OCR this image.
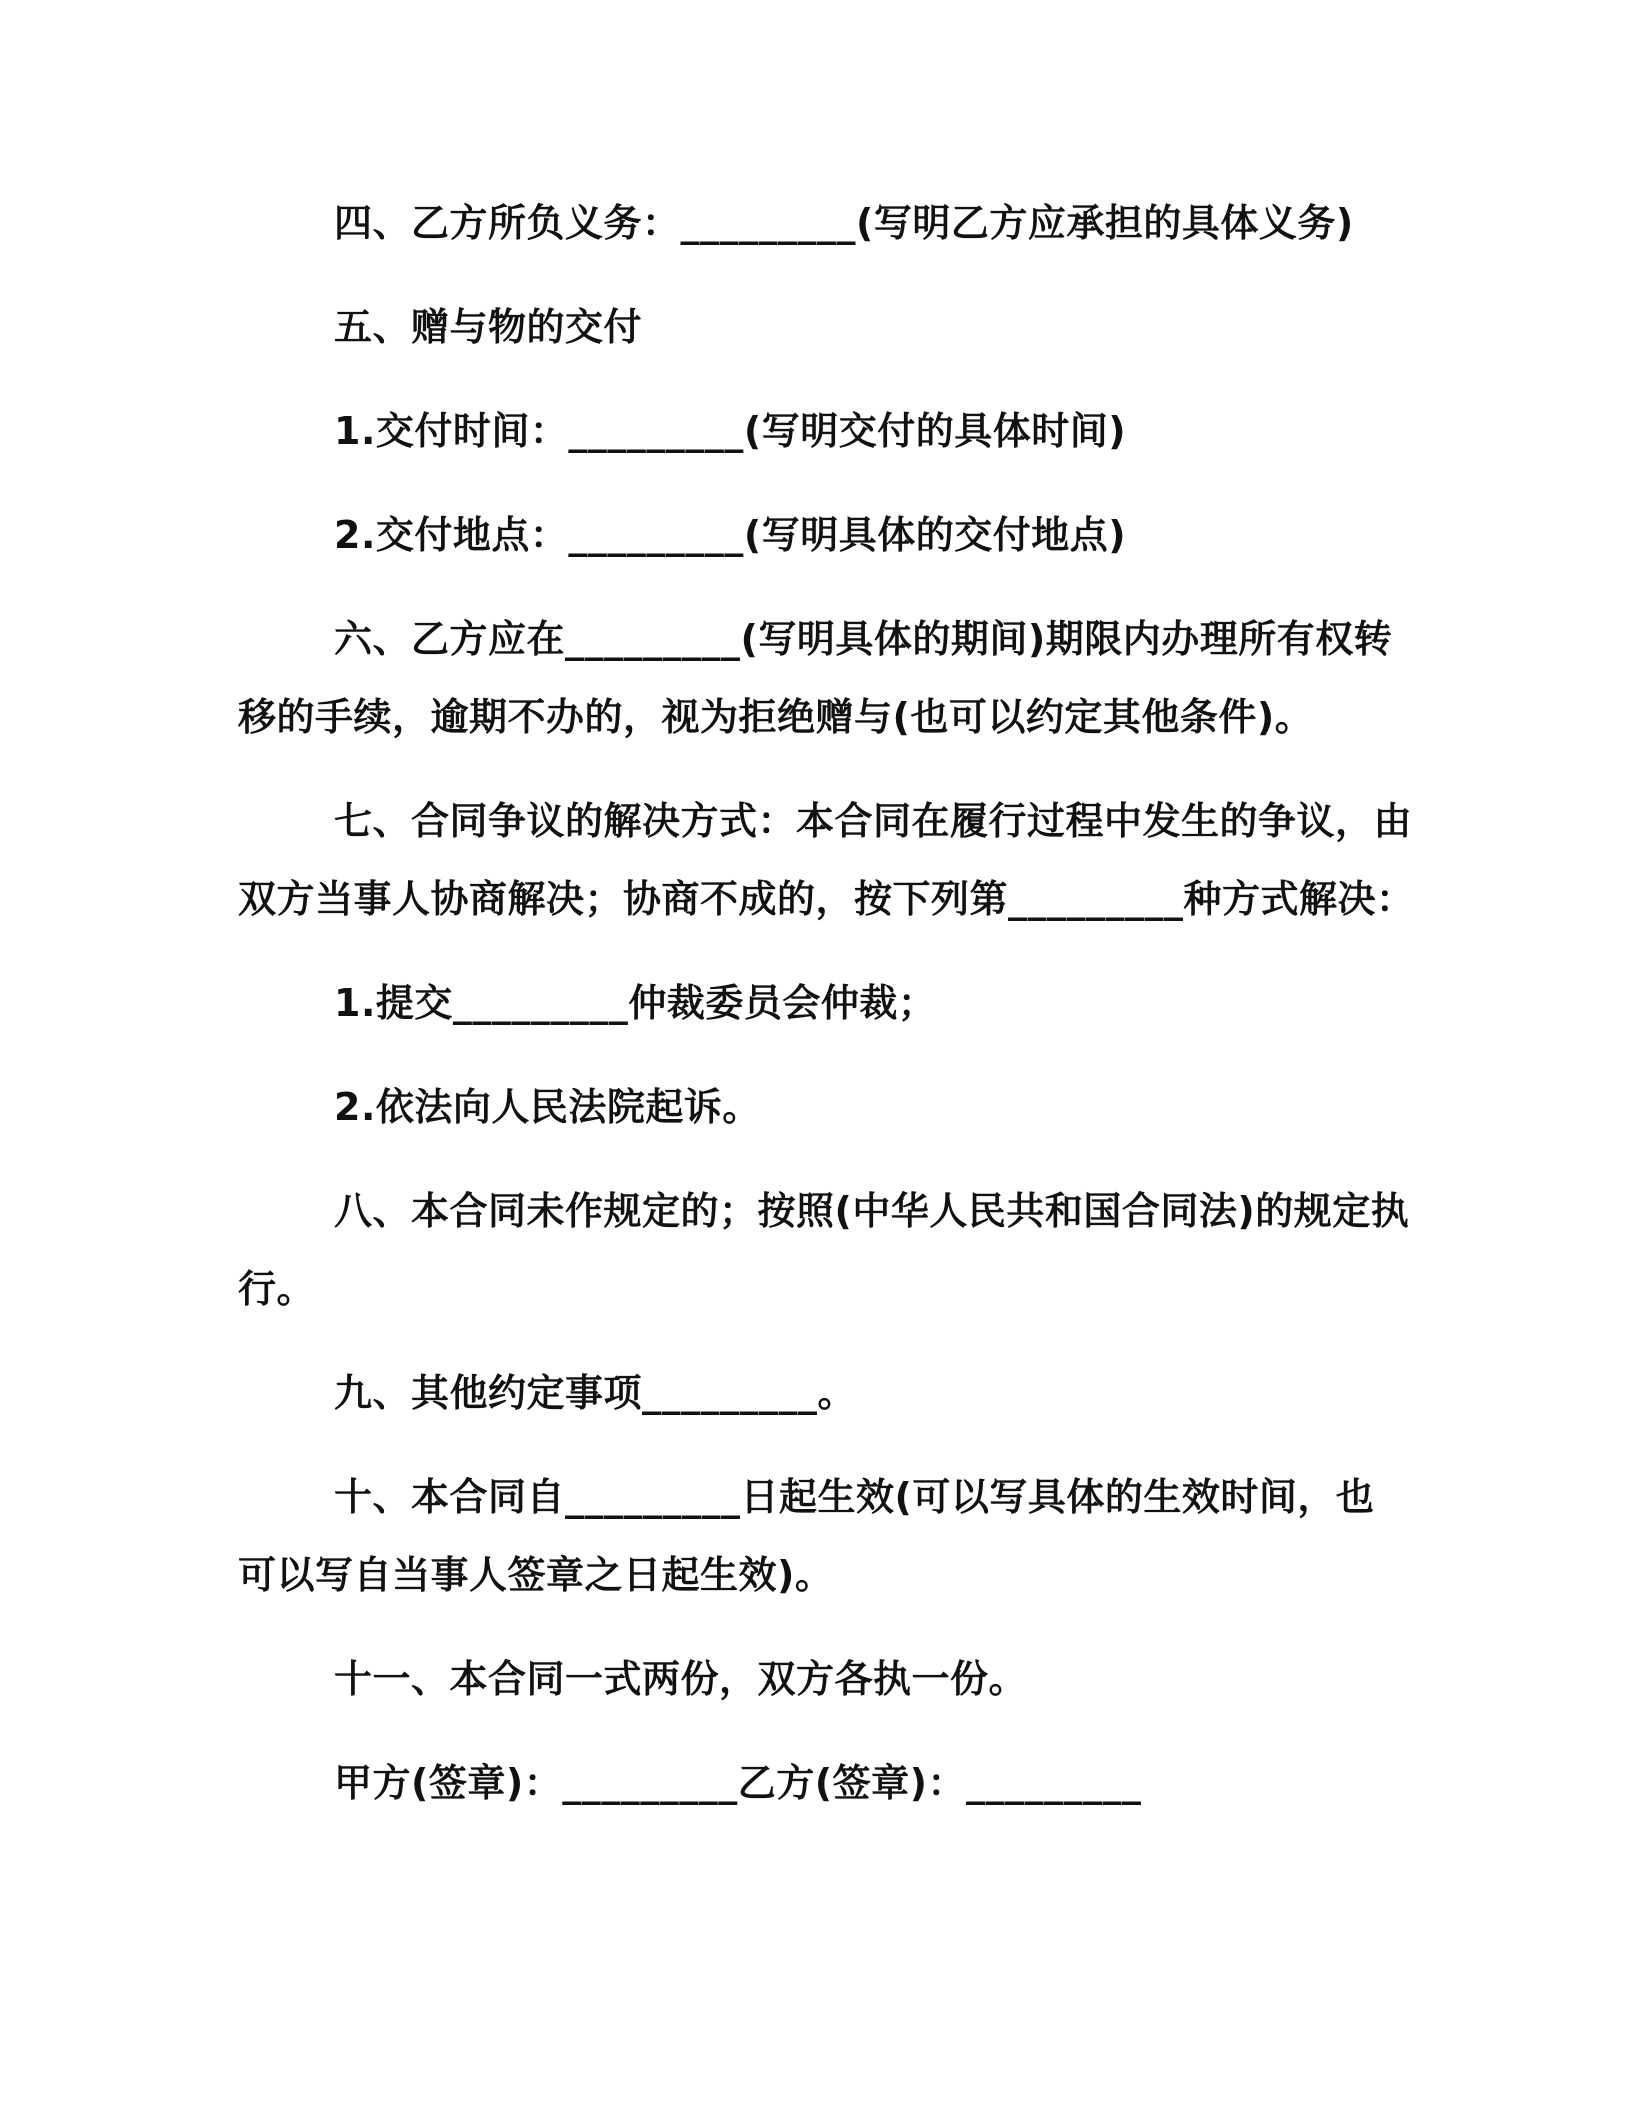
四、乙方所负义务：_________(写明乙方应承担的具体义务)

五、赠与物的交付

1.交付时间：_________(写明交付的具体时间)

2.交付地点：_________(写明具体的交付地点)

六、乙方应在_________(写明具体的期间)期限内办理所有权转

移的手续，逾期不办的，视为拒绝赠与(也可以约定其他条件)。

七、合同争议的解决方式：本合同在履行过程中发生的争议，由

双方当事人协商解决；协商不成的，按下列第_________种方式解决：

1.提交_________仲裁委员会仲裁；

2.依法向人民法院起诉。

八、本合同未作规定的；按照(中华人民共和国合同法)的规定执

行。

九、其他约定事项_________。

十、本合同自_________日起生效(可以写具体的生效时间，也

可以写自当事人签章之日起生效)。

十一、本合同一式两份，双方各执一份。

甲方(签章)：_________乙方(签章)：_________
